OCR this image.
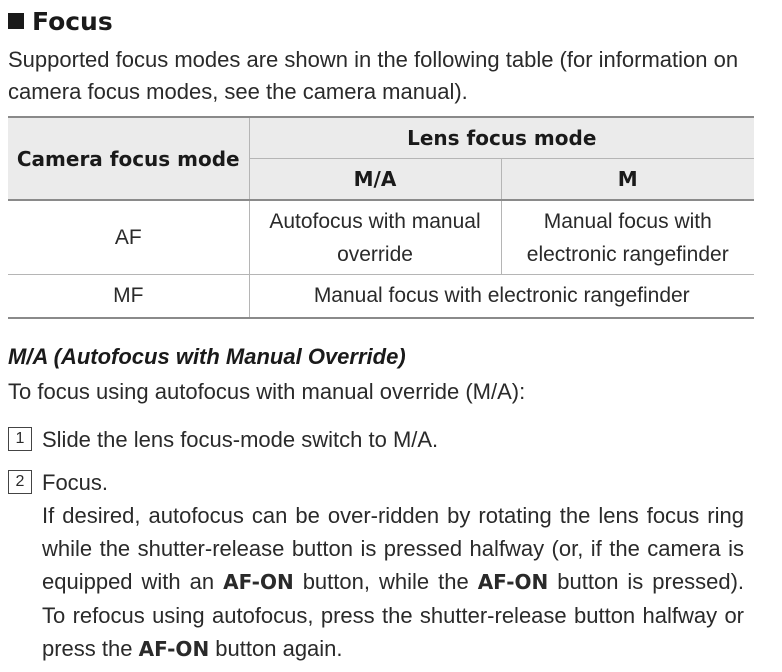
Focus
Supported focus modes are shown in the following table (for information on camera focus modes, see the camera manual).
Camera focus mode	Lens focus mode	
	M/A	M
AF	Autofocus with manual override	Manual focus with electronic rangefinder
MF	Manual focus with electronic rangefinder	
M/A (Autofocus with Manual Override)
To focus using autofocus with manual override (M/A):
1 Slide the lens focus-mode switch to M/A.
2 Focus.
If desired, autofocus can be over-ridden by rotating the lens focus ring while the shutter-release button is pressed halfway (or, if the camera is equipped with an AF-ON button, while the AF-ON button is pressed). To refocus using autofocus, press the shutter-release button halfway or press the AF-ON button again.
